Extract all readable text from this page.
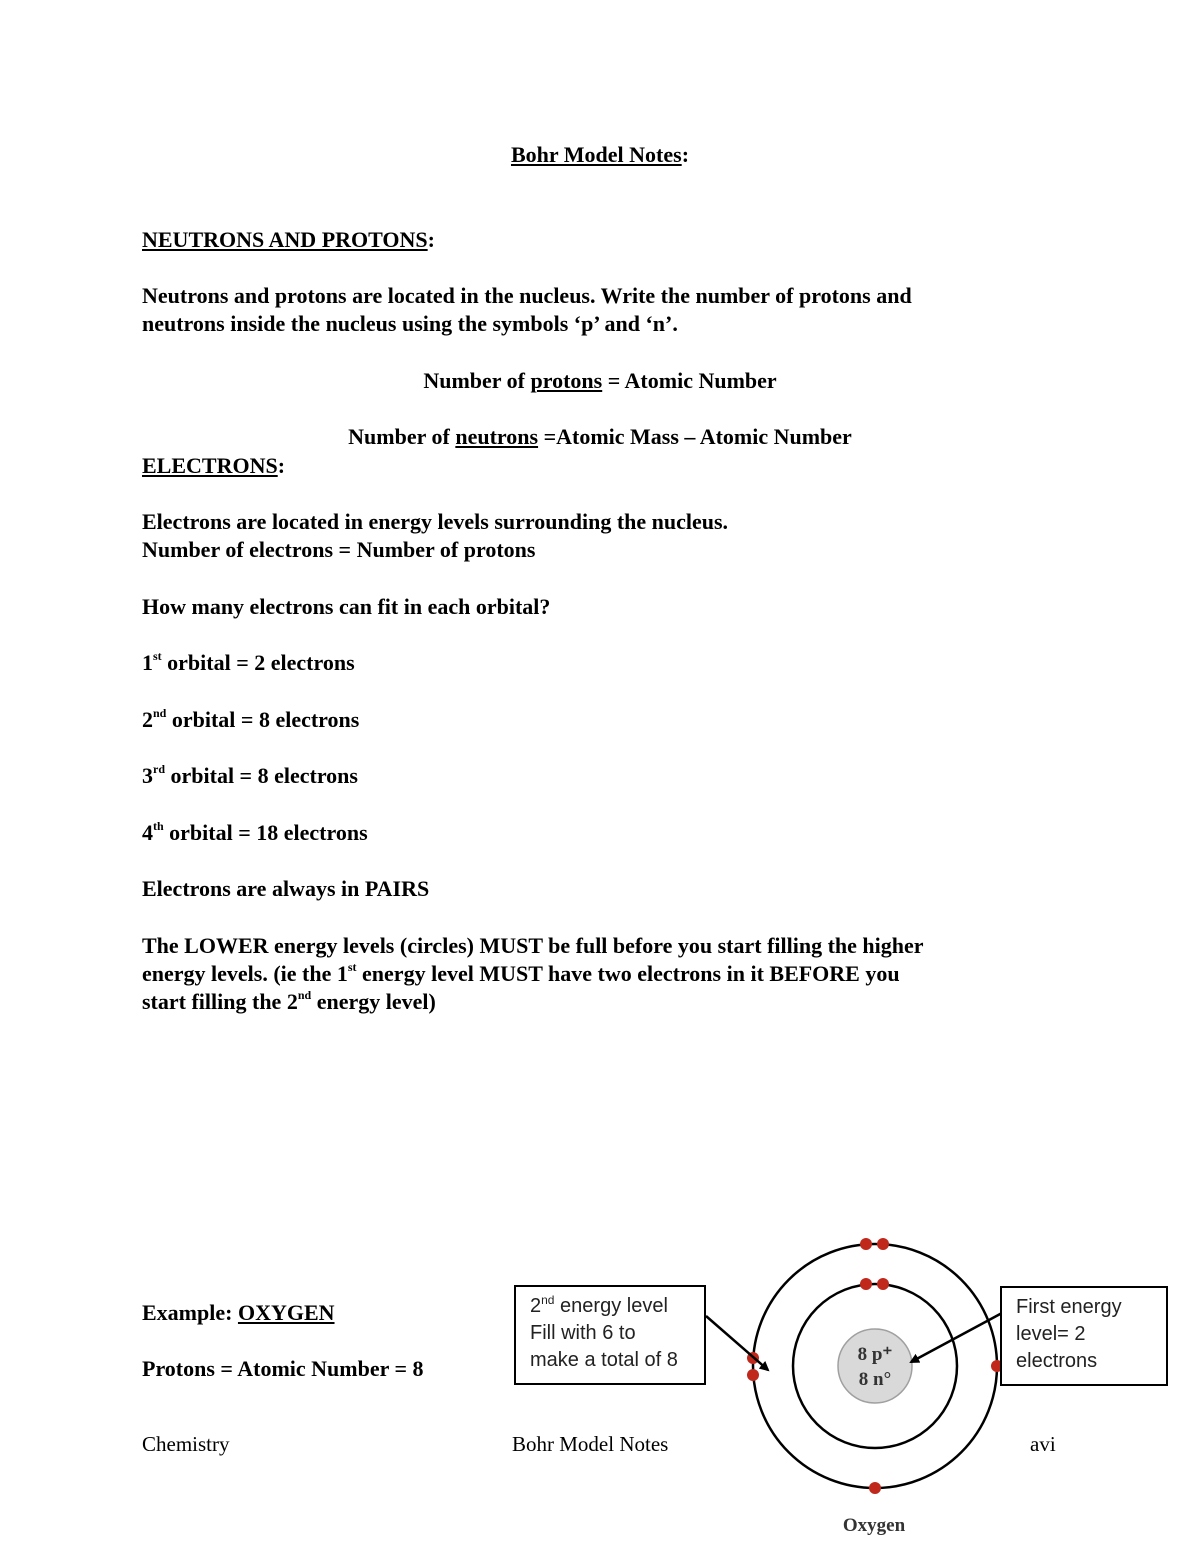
Bohr Model Notes:

NEUTRONS AND PROTONS:

Neutrons and protons are located in the nucleus. Write the number of protons and

neutrons inside the nucleus using the symbols ‘p’ and ‘n’.

Number of protons = Atomic Number

Number of neutrons =Atomic Mass – Atomic Number

ELECTRONS:

Electrons are located in energy levels surrounding the nucleus.

Number of electrons = Number of protons

How many electrons can fit in each orbital?

1st orbital = 2 electrons

2nd orbital = 8 electrons

3rd orbital = 8 electrons

4th orbital = 18 electrons

Electrons are always in PAIRS

The LOWER energy levels (circles) MUST be full before you start filling the higher

energy levels. (ie the 1st energy level MUST have two electrons in it BEFORE you

start filling the 2nd energy level)

Example: OXYGEN

Protons = Atomic Number = 8

8 p⁺
8 n°
Oxygen
2nd energy level
Fill with 6 to
make a total of 8
First energy
level= 2
electrons

Chemistry	Bohr Model Notes	avi
